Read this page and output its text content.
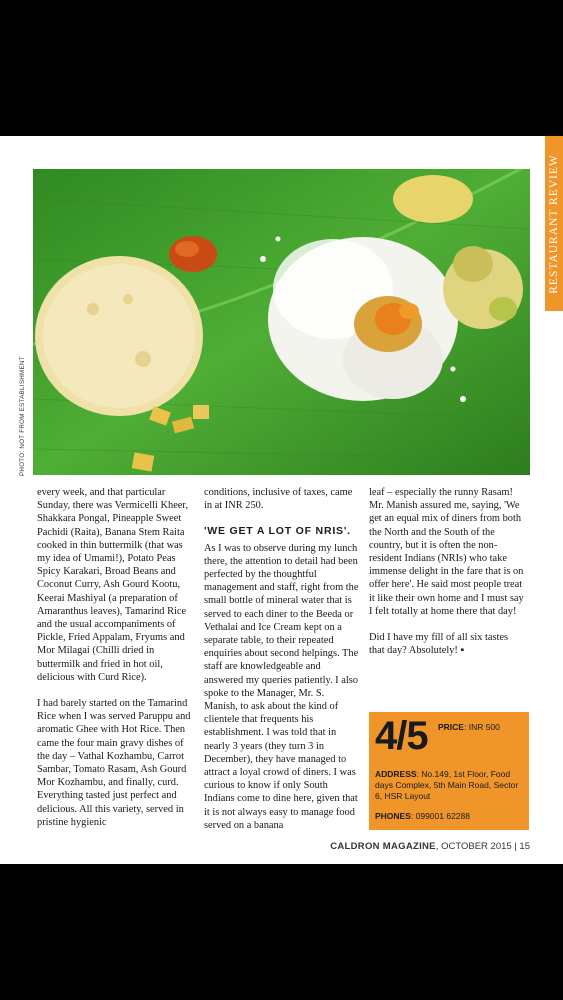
RESTAURANT REVIEW
PHOTO: NOT FROM ESTABLISHMENT

every week, and that particular Sunday, there was Vermicelli Kheer, Shakkara Pongal, Pineapple Sweet Pachidi (Raita), Banana Stem Raita cooked in thin buttermilk (that was my idea of Umami!), Potato Peas Spicy Karakari, Broad Beans and Coconut Curry, Ash Gourd Kootu, Keerai Mashiyal (a preparation of Amaranthus leaves), Tamarind Rice and the usual accompaniments of Pickle, Fried Appalam, Fryums and Mor Milagai (Chilli dried in buttermilk and fried in hot oil, delicious with Curd Rice).

I had barely started on the Tamarind Rice when I was served Paruppu and aromatic Ghee with Hot Rice. Then came the four main gravy dishes of the day – Vathal Kozhambu, Carrot Sambar, Tomato Rasam, Ash Gourd Mor Kozhambu, and finally, curd. Everything tasted just perfect and delicious. All this variety, served in pristine hygienic

conditions, inclusive of taxes, came in at INR 250.

'WE GET A LOT OF NRIS'.

As I was to observe during my lunch there, the attention to detail had been perfected by the thoughtful management and staff, right from the small bottle of mineral water that is served to each diner to the Beeda or Vethalai and Ice Cream kept on a separate table, to their repeated enquiries about second helpings. The staff are knowledgeable and answered my queries patiently. I also spoke to the Manager, Mr. S. Manish, to ask about the kind of clientele that frequents his establishment. I was told that in nearly 3 years (they turn 3 in December), they have managed to attract a loyal crowd of diners. I was curious to know if only South Indians come to dine here, given that it is not always easy to manage food served on a banana

leaf – especially the runny Rasam! Mr. Manish assured me, saying, 'We get an equal mix of diners from both the North and the South of the country, but it is often the non-resident Indians (NRIs) who take immense delight in the fare that is on offer here'. He said most people treat it like their own home and I must say I felt totally at home there that day!

Did I have my fill of all six tastes that day? Absolutely! ▪

4/5 PRICE: INR 500
ADDRESS: No.149, 1st Floor, Food days Complex, 5th Main Road, Sector 6, HSR Layout
PHONES: 099001 62288
CALDRON MAGAZINE, OCTOBER 2015 | 15
